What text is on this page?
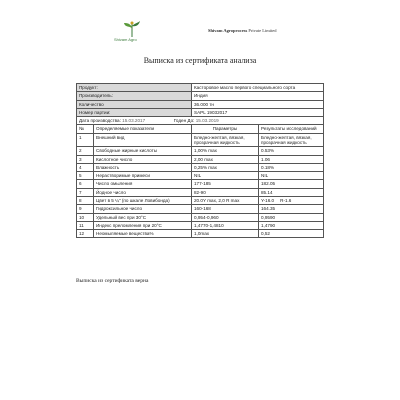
Shivam Agro
Shivam Agroprocess Private Limited
Выписка из сертификата анализа
Продукт:		Касторовое масло первого специального сорта	
Производитель:		Индия	
Количество		36.000 тн	
Номер партии:		SAPL 19032017	
Дата производства: 15.03.2017 Годен До: 15.03.2019			
№	Определяемые показатели	Параметры	Результаты исследований
1	Внешний вид	Бледно-желтая, вязкая, прозрачная жидкость	Бледно-желтая, вязкая, прозрачная жидкость
2	Свободные жирные кислоты	1,00% max	0.53%
3	Кислотное число	2,00 max	1.06
4	Влажность	0,25% max	0.18%
5	Нерастворимые примеси	NIL	NIL
6	Число омыления	177-185	182.05
7	Йодное число	82-90	85.14
8	Цвет в 5 ¼" (по шкале Ловибонда)	20.0Y max, 2,0 R max	Y-16.0 R-1.6
9	Гидроксильное число	160-168	164.35
10	Удельный вес при 30°С	0,954-0,960	0,9590
11	Индекс преломления при 20°С	1,4770-1,4810	1,4790
12	Неомыляемые вещества%	1,0max	0,52
Выписка из сертификата верна
